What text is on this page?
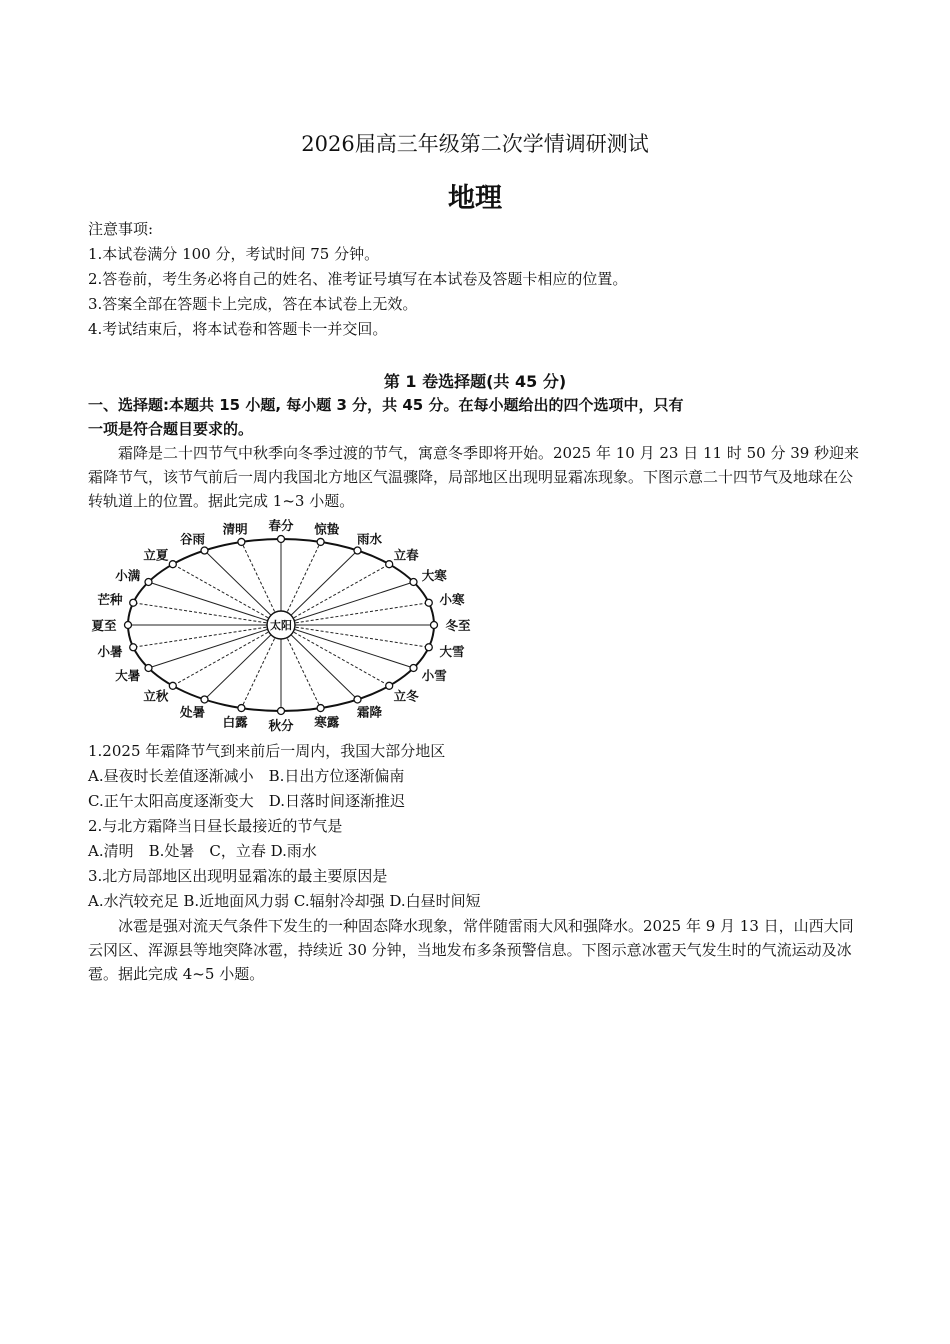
2026届高三年级第二次学情调研测试
地理
注意事项:
1.本试卷满分 100 分，考试时间 75 分钟。
2.答卷前，考生务必将自己的姓名、准考证号填写在本试卷及答题卡相应的位置。
3.答案全部在答题卡上完成，答在本试卷上无效。
4.考试结束后，将本试卷和答题卡一并交回。
第 1 卷选择题(共 45 分)
一、选择题:本题共 15 小题, 每小题 3 分，共 45 分。在每小题给出的四个选项中，只有
一项是符合题目要求的。
霜降是二十四节气中秋季向冬季过渡的节气，寓意冬季即将开始。2025 年 10 月 23 日 11 时 50 分 39 秒迎来霜降节气，该节气前后一周内我国北方地区气温骤降，局部地区出现明显霜冻现象。下图示意二十四节气及地球在公转轨道上的位置。据此完成 1~3 小题。
太阳	冬至
小寒
大寒
立春
雨水
惊蛰
春分
清明
谷雨
立夏
小满
芒种
夏至
小暑
大暑
立秋
处暑
白露 秋分 寒露
霜降
立冬
小雪
大雪
1.2025 年霜降节气到来前后一周内，我国大部分地区
A.昼夜时长差值逐渐减小　B.日出方位逐渐偏南
C.正午太阳高度逐渐变大　D.日落时间逐渐推迟
2.与北方霜降当日昼长最接近的节气是
A.清明　B.处暑　C，立春 D.雨水
3.北方局部地区出现明显霜冻的最主要原因是
A.水汽较充足 B.近地面风力弱 C.辐射冷却强 D.白昼时间短
冰雹是强对流天气条件下发生的一种固态降水现象，常伴随雷雨大风和强降水。2025 年 9 月 13 日，山西大同云冈区、浑源县等地突降冰雹，持续近 30 分钟，当地发布多条预警信息。下图示意冰雹天气发生时的气流运动及冰雹。据此完成 4~5 小题。
